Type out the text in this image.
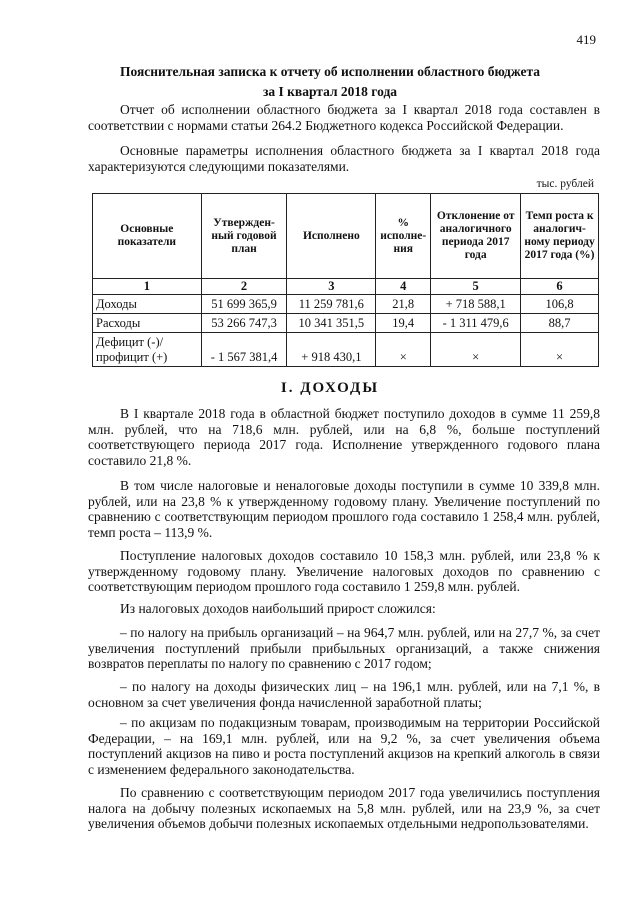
419
Пояснительная записка к отчету об исполнении областного бюджета
за I квартал 2018 года

Отчет об исполнении областного бюджета за I квартал 2018 года составлен в соответствии с нормами статьи 264.2 Бюджетного кодекса Российской Федерации.

Основные параметры исполнения областного бюджета за I квартал 2018 года характеризуются следующими показателями.

тыс. рублей
Основные показатели	Утвержден-ный годовой план	Исполнено	% исполне-ния	Отклонение от аналогичного периода 2017 года	Темп роста к аналогич-ному периоду 2017 года (%)
1	2	3	4	5	6
Доходы	51 699 365,9	11 259 781,6	21,8	+ 718 588,1	106,8
Расходы	53 266 747,3	10 341 351,5	19,4	- 1 311 479,6	88,7
Дефицит (-)/ профицит (+)	- 1 567 381,4	+ 918 430,1	×	×	×
I. ДОХОДЫ

В I квартале 2018 года в областной бюджет поступило доходов в сумме 11 259,8 млн. рублей, что на 718,6 млн. рублей, или на 6,8 %, больше поступлений соответствующего периода 2017 года. Исполнение утвержденного годового плана составило 21,8 %.

В том числе налоговые и неналоговые доходы поступили в сумме 10 339,8 млн. рублей, или на 23,8 % к утвержденному годовому плану. Увеличение поступлений по сравнению с соответствующим периодом прошлого года составило 1 258,4 млн. рублей, темп роста – 113,9 %.

Поступление налоговых доходов составило 10 158,3 млн. рублей, или 23,8 % к утвержденному годовому плану. Увеличение налоговых доходов по сравнению с соответствующим периодом прошлого года составило 1 259,8 млн. рублей.

Из налоговых доходов наибольший прирост сложился:

– по налогу на прибыль организаций – на 964,7 млн. рублей, или на 27,7 %, за счет увеличения поступлений прибыли прибыльных организаций, а также снижения возвратов переплаты по налогу по сравнению с 2017 годом;

– по налогу на доходы физических лиц – на 196,1 млн. рублей, или на 7,1 %, в основном за счет увеличения фонда начисленной заработной платы;

– по акцизам по подакцизным товарам, производимым на территории Российской Федерации, – на 169,1 млн. рублей, или на 9,2 %, за счет увеличения объема поступлений акцизов на пиво и роста поступлений акцизов на крепкий алкоголь в связи с изменением федерального законодательства.

По сравнению с соответствующим периодом 2017 года увеличились поступления налога на добычу полезных ископаемых на 5,8 млн. рублей, или на 23,9 %, за счет увеличения объемов добычи полезных ископаемых отдельными недропользователями.
